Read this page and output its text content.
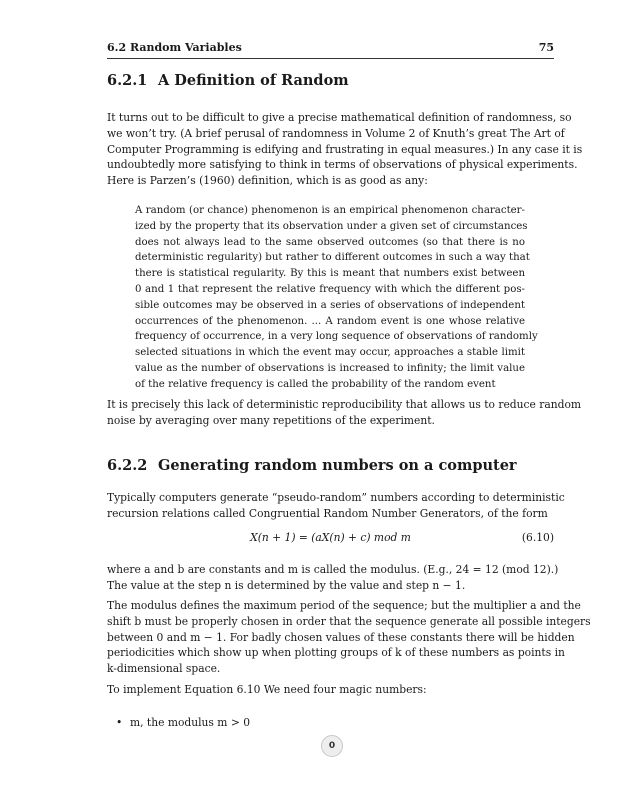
6.2 Random Variables	75
6.2.1 A Definition of Random
It turns out to be difficult to give a precise mathematical definition of randomness, so
we won’t try. (A brief perusal of randomness in Volume 2 of Knuth’s great The Art of
Computer Programming is edifying and frustrating in equal measures.) In any case it is
undoubtedly more satisfying to think in terms of observations of physical experiments.
Here is Parzen’s (1960) definition, which is as good as any:
A random (or chance) phenomenon is an empirical phenomenon character-
ized by the property that its observation under a given set of circumstances
does not always lead to the same observed outcomes (so that there is no
deterministic regularity) but rather to different outcomes in such a way that
there is statistical regularity. By this is meant that numbers exist between
0 and 1 that represent the relative frequency with which the different pos-
sible outcomes may be observed in a series of observations of independent
occurrences of the phenomenon. ... A random event is one whose relative
frequency of occurrence, in a very long sequence of observations of randomly
selected situations in which the event may occur, approaches a stable limit
value as the number of observations is increased to infinity; the limit value
of the relative frequency is called the probability of the random event
It is precisely this lack of deterministic reproducibility that allows us to reduce random
noise by averaging over many repetitions of the experiment.
6.2.2 Generating random numbers on a computer
Typically computers generate “pseudo-random” numbers according to deterministic
recursion relations called Congruential Random Number Generators, of the form
X(n + 1) = (aX(n) + c) mod m	(6.10)
where a and b are constants and m is called the modulus. (E.g., 24 = 12 (mod 12).)
The value at the step n is determined by the value and step n − 1.
The modulus defines the maximum period of the sequence; but the multiplier a and the
shift b must be properly chosen in order that the sequence generate all possible integers
between 0 and m − 1. For badly chosen values of these constants there will be hidden
periodicities which show up when plotting groups of k of these numbers as points in
k-dimensional space.
To implement Equation 6.10 We need four magic numbers:
• m, the modulus m > 0
0
